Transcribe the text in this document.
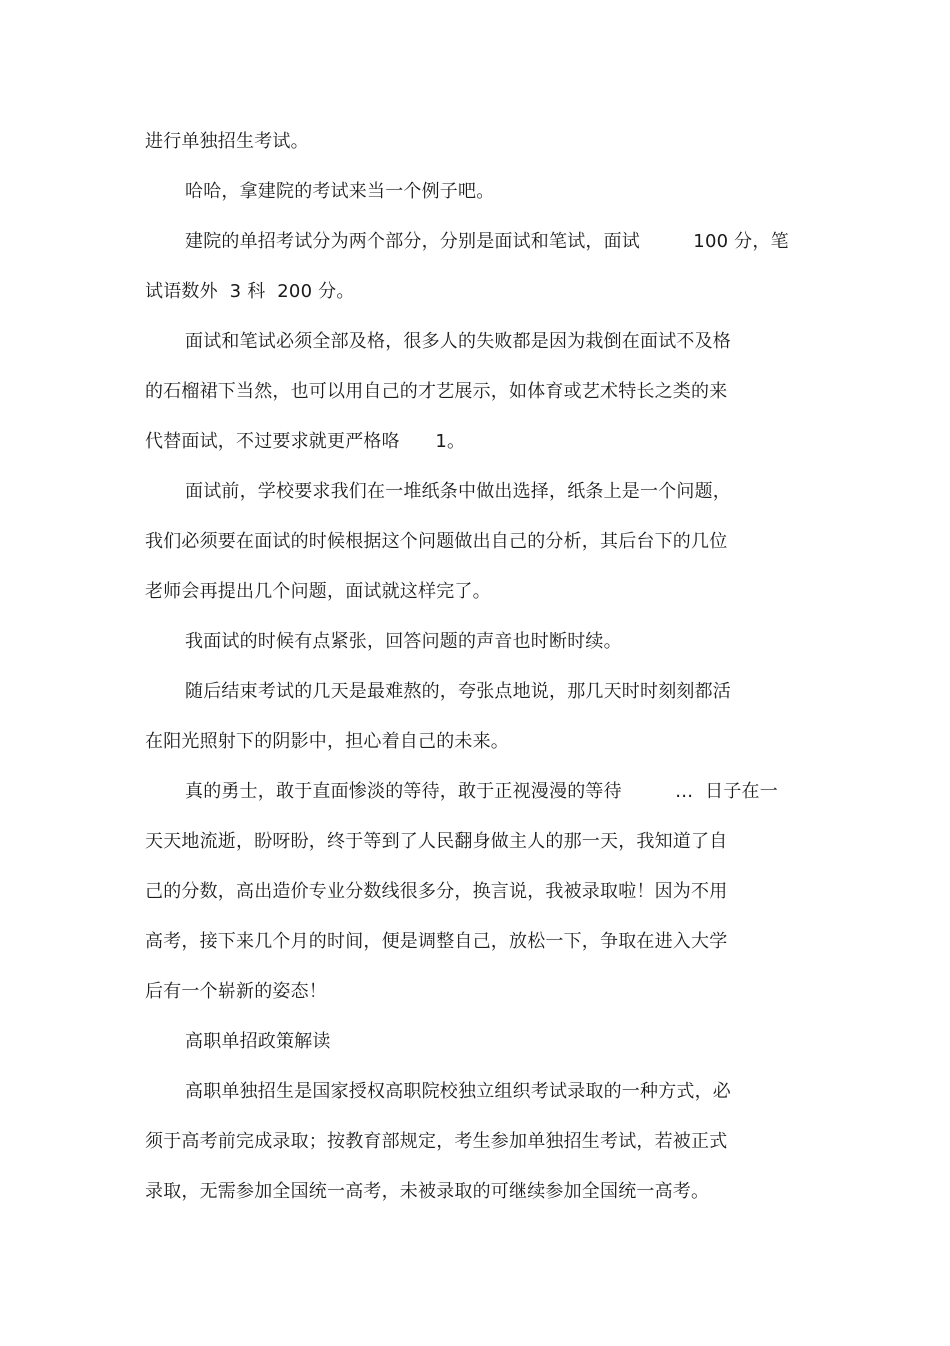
进行单独招生考试。
哈哈，拿建院的考试来当一个例子吧。
建院的单招考试分为两个部分，分别是面试和笔试，面试         100 分，笔
试语数外  3 科  200 分。
面试和笔试必须全部及格，很多人的失败都是因为栽倒在面试不及格
的石榴裙下当然，也可以用自己的才艺展示，如体育或艺术特长之类的来
代替面试，不过要求就更严格咯      1。
面试前，学校要求我们在一堆纸条中做出选择，纸条上是一个问题，
我们必须要在面试的时候根据这个问题做出自己的分析，其后台下的几位
老师会再提出几个问题，面试就这样完了。
我面试的时候有点紧张，回答问题的声音也时断时续。
随后结束考试的几天是最难熬的，夸张点地说，那几天时时刻刻都活
在阳光照射下的阴影中，担心着自己的未来。
真的勇士，敢于直面惨淡的等待，敢于正视漫漫的等待         …  日子在一
天天地流逝，盼呀盼，终于等到了人民翻身做主人的那一天，我知道了自
己的分数，高出造价专业分数线很多分，换言说，我被录取啦！因为不用
高考，接下来几个月的时间，便是调整自己，放松一下，争取在进入大学
后有一个崭新的姿态！
高职单招政策解读
高职单独招生是国家授权高职院校独立组织考试录取的一种方式，必
须于高考前完成录取；按教育部规定，考生参加单独招生考试，若被正式
录取，无需参加全国统一高考，未被录取的可继续参加全国统一高考。
